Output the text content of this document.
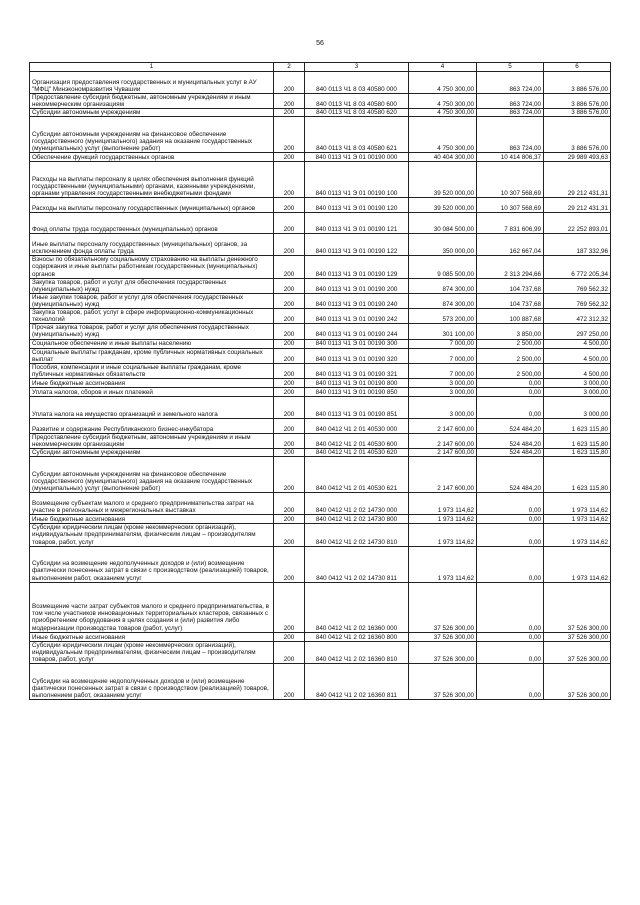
56
1	2	3	4	5	6
Организация предоставления государственных и муниципальных услуг в АУ "МФЦ" Минэкономразвития Чувашии	200	840 0113 Ч1 8 03 40580 000	4 750 300,00	863 724,00	3 886 576,00
Предоставление субсидий бюджетным, автономным учреждениям и иным некоммерческим организациям	200	840 0113 Ч1 8 03 40580 600	4 750 300,00	863 724,00	3 886 576,00
Субсидии автономным учреждениям	200	840 0113 Ч1 8 03 40580 620	4 750 300,00	863 724,00	3 886 576,00
Субсидии автономным учреждениям на финансовое обеспечение государственного (муниципального) задания на оказание государственных (муниципальных) услуг (выполнение работ)	200	840 0113 Ч1 8 03 40580 621	4 750 300,00	863 724,00	3 886 576,00
Обеспечение функций государственных органов	200	840 0113 Ч1 Э 01 00190 000	40 404 300,00	10 414 806,37	29 989 493,63
Расходы на выплаты персоналу в целях обеспечения выполнения функций государственными (муниципальными) органами, казенными учреждениями, органами управления государственными внебюджетными фондами	200	840 0113 Ч1 Э 01 00190 100	39 520 000,00	10 307 568,69	29 212 431,31
Расходы на выплаты персоналу государственных (муниципальных) органов	200	840 0113 Ч1 Э 01 00190 120	39 520 000,00	10 307 568,69	29 212 431,31
Фонд оплаты труда государственных (муниципальных) органов	200	840 0113 Ч1 Э 01 00190 121	30 084 500,00	7 831 606,99	22 252 893,01
Иные выплаты персоналу государственных (муниципальных) органов, за исключением фонда оплаты труда	200	840 0113 Ч1 Э 01 00190 122	350 000,00	162 667,04	187 332,96
Взносы по обязательному социальному страхованию на выплаты денежного содержания и иные выплаты работникам государственных (муниципальных) органов	200	840 0113 Ч1 Э 01 00190 129	9 085 500,00	2 313 294,66	6 772 205,34
Закупка товаров, работ и услуг для обеспечения государственных (муниципальных) нужд	200	840 0113 Ч1 Э 01 00190 200	874 300,00	104 737,68	769 562,32
Иные закупки товаров, работ и услуг для обеспечения государственных (муниципальных) нужд	200	840 0113 Ч1 Э 01 00190 240	874 300,00	104 737,68	769 562,32
Закупка товаров, работ, услуг в сфере информационно-коммуникационных технологий	200	840 0113 Ч1 Э 01 00190 242	573 200,00	100 887,68	472 312,32
Прочая закупка товаров, работ и услуг для обеспечения государственных (муниципальных) нужд	200	840 0113 Ч1 Э 01 00190 244	301 100,00	3 850,00	297 250,00
Социальное обеспечение и иные выплаты населению	200	840 0113 Ч1 Э 01 00190 300	7 000,00	2 500,00	4 500,00
Социальные выплаты гражданам, кроме публичных нормативных социальных выплат	200	840 0113 Ч1 Э 01 00190 320	7 000,00	2 500,00	4 500,00
Пособия, компенсации и иные социальные выплаты гражданам, кроме публичных нормативных обязательств	200	840 0113 Ч1 Э 01 00190 321	7 000,00	2 500,00	4 500,00
Иные бюджетные ассигнования	200	840 0113 Ч1 Э 01 00190 800	3 000,00	0,00	3 000,00
Уплата налогов, сборов и иных платежей	200	840 0113 Ч1 Э 01 00190 850	3 000,00	0,00	3 000,00
Уплата налога на имущество организаций и земельного налога	200	840 0113 Ч1 Э 01 00190 851	3 000,00	0,00	3 000,00
Развитие и содержание Республиканского бизнес-инкубатора	200	840 0412 Ч1 2 01 40530 000	2 147 600,00	524 484,20	1 623 115,80
Предоставление субсидий бюджетным, автономным учреждениям и иным некоммерческим организациям	200	840 0412 Ч1 2 01 40530 600	2 147 600,00	524 484,20	1 623 115,80
Субсидии автономным учреждениям	200	840 0412 Ч1 2 01 40530 620	2 147 600,00	524 484,20	1 623 115,80
Субсидии автономным учреждениям на финансовое обеспечение государственного (муниципального) задания на оказание государственных (муниципальных) услуг (выполнение работ)	200	840 0412 Ч1 2 01 40530 621	2 147 600,00	524 484,20	1 623 115,80
Возмещение субъектам малого и среднего предпринимательства затрат на участие в региональных и межрегиональных выставках	200	840 0412 Ч1 2 02 14730 000	1 973 114,62	0,00	1 973 114,62
Иные бюджетные ассигнования	200	840 0412 Ч1 2 02 14730 800	1 973 114,62	0,00	1 973 114,62
Субсидии юридическим лицам (кроме некоммерческих организаций), индивидуальным предпринимателям, физическим лицам – производителям товаров, работ, услуг	200	840 0412 Ч1 2 02 14730 810	1 973 114,62	0,00	1 973 114,62
Субсидии на возмещение недополученных доходов и (или) возмещение фактически понесенных затрат в связи с производством (реализацией) товаров, выполнением работ, оказанием услуг	200	840 0412 Ч1 2 02 14730 811	1 973 114,62	0,00	1 973 114,62
Возмещение части затрат субъектов малого и среднего предпринимательства, в том числе участников инновационных территориальных кластеров, связанных с приобретением оборудования в целях создания и (или) развития либо модернизации производства товаров (работ, услуг)	200	840 0412 Ч1 2 02 16360 000	37 526 300,00	0,00	37 526 300,00
Иные бюджетные ассигнования	200	840 0412 Ч1 2 02 16360 800	37 526 300,00	0,00	37 526 300,00
Субсидии юридическим лицам (кроме некоммерческих организаций), индивидуальным предпринимателям, физическим лицам – производителям товаров, работ, услуг	200	840 0412 Ч1 2 02 16360 810	37 526 300,00	0,00	37 526 300,00
Субсидии на возмещение недополученных доходов и (или) возмещение фактически понесенных затрат в связи с производством (реализацией) товаров, выполнением работ, оказанием услуг	200	840 0412 Ч1 2 02 16360 811	37 526 300,00	0,00	37 526 300,00
